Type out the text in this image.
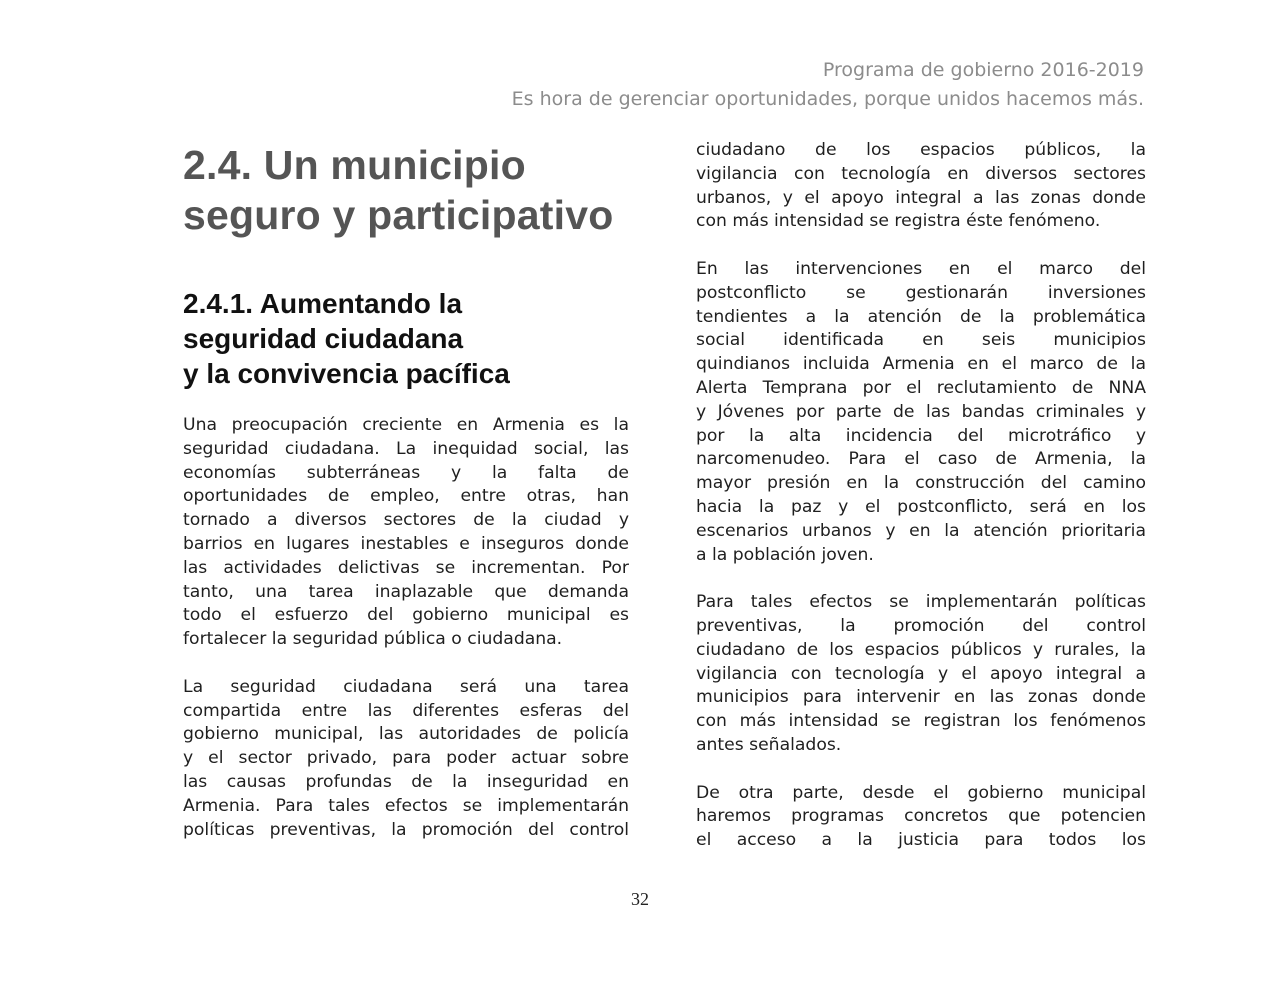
Programa de gobierno 2016-2019
Es hora de gerenciar oportunidades, porque unidos hacemos más.
2.4. Un municipio
seguro y participativo
2.4.1. Aumentando la
seguridad ciudadana
y la convivencia pacífica
Una preocupación creciente en Armenia es la
seguridad ciudadana. La inequidad social, las
economías subterráneas y la falta de
oportunidades de empleo, entre otras, han
tornado a diversos sectores de la ciudad y
barrios en lugares inestables e inseguros donde
las actividades delictivas se incrementan. Por
tanto, una tarea inaplazable que demanda
todo el esfuerzo del gobierno municipal es
fortalecer la seguridad pública o ciudadana.
La seguridad ciudadana será una tarea
compartida entre las diferentes esferas del
gobierno municipal, las autoridades de policía
y el sector privado, para poder actuar sobre
las causas profundas de la inseguridad en
Armenia. Para tales efectos se implementarán
políticas preventivas, la promoción del control
ciudadano de los espacios públicos, la
vigilancia con tecnología en diversos sectores
urbanos, y el apoyo integral a las zonas donde
con más intensidad se registra éste fenómeno.
En las intervenciones en el marco del
postconflicto se gestionarán inversiones
tendientes a la atención de la problemática
social identificada en seis municipios
quindianos incluida Armenia en el marco de la
Alerta Temprana por el reclutamiento de NNA
y Jóvenes por parte de las bandas criminales y
por la alta incidencia del microtráfico y
narcomenudeo. Para el caso de Armenia, la
mayor presión en la construcción del camino
hacia la paz y el postconflicto, será en los
escenarios urbanos y en la atención prioritaria
a la población joven.
Para tales efectos se implementarán políticas
preventivas, la promoción del control
ciudadano de los espacios públicos y rurales, la
vigilancia con tecnología y el apoyo integral a
municipios para intervenir en las zonas donde
con más intensidad se registran los fenómenos
antes señalados.
De otra parte, desde el gobierno municipal
haremos programas concretos que potencien
el acceso a la justicia para todos los
32
